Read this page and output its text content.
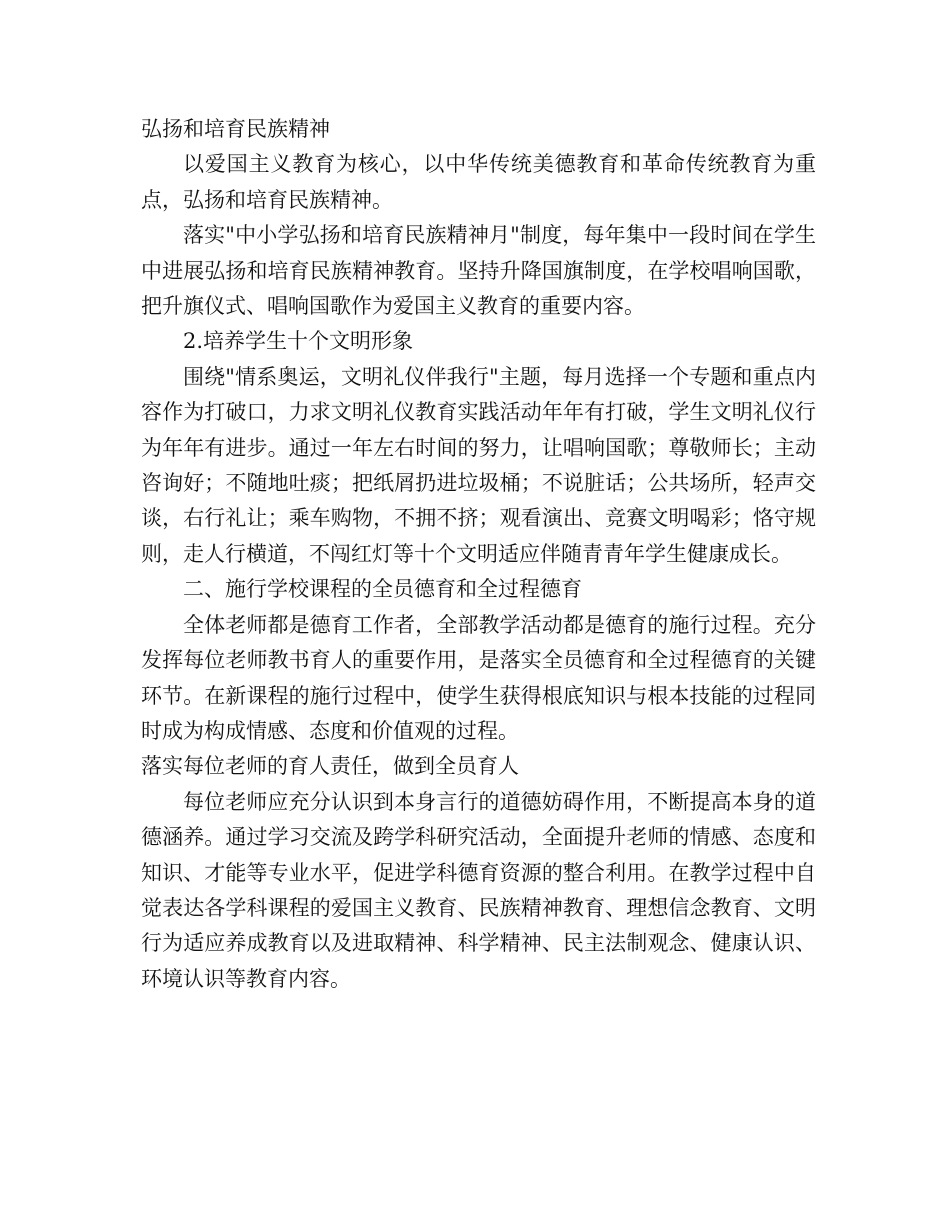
弘扬和培育民族精神

以爱国主义教育为核心，以中华传统美德教育和革命传统教育为重点，弘扬和培育民族精神。

落实"中小学弘扬和培育民族精神月"制度，每年集中一段时间在学生中进展弘扬和培育民族精神教育。坚持升降国旗制度，在学校唱响国歌，把升旗仪式、唱响国歌作为爱国主义教育的重要内容。

2.培养学生十个文明形象

围绕"情系奥运，文明礼仪伴我行"主题，每月选择一个专题和重点内容作为打破口，力求文明礼仪教育实践活动年年有打破，学生文明礼仪行为年年有进步。通过一年左右时间的努力，让唱响国歌；尊敬师长；主动咨询好；不随地吐痰；把纸屑扔进垃圾桶；不说脏话；公共场所，轻声交谈，右行礼让；乘车购物，不拥不挤；观看演出、竞赛文明喝彩；恪守规则，走人行横道，不闯红灯等十个文明适应伴随青青年学生健康成长。

二、施行学校课程的全员德育和全过程德育

全体老师都是德育工作者，全部教学活动都是德育的施行过程。充分发挥每位老师教书育人的重要作用，是落实全员德育和全过程德育的关键环节。在新课程的施行过程中，使学生获得根底知识与根本技能的过程同时成为构成情感、态度和价值观的过程。

落实每位老师的育人责任，做到全员育人

每位老师应充分认识到本身言行的道德妨碍作用，不断提高本身的道德涵养。通过学习交流及跨学科研究活动，全面提升老师的情感、态度和知识、才能等专业水平，促进学科德育资源的整合利用。在教学过程中自觉表达各学科课程的爱国主义教育、民族精神教育、理想信念教育、文明行为适应养成教育以及进取精神、科学精神、民主法制观念、健康认识、环境认识等教育内容。
